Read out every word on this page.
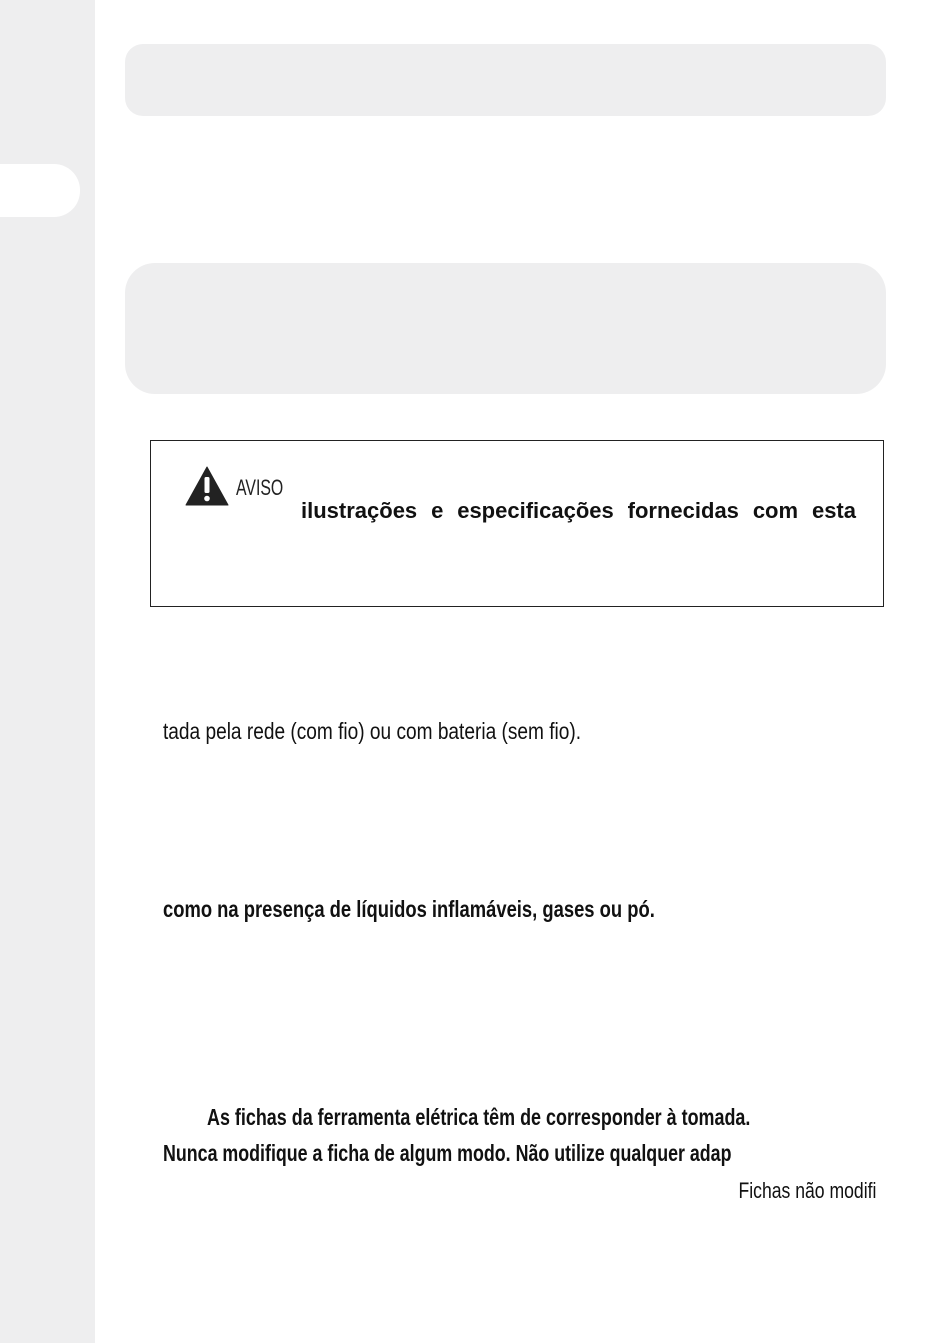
AVISO
ilustrações e especificações fornecidas com esta
tada pela rede (com fio) ou com bateria (sem fio).
como na presença de líquidos inflamáveis, gases ou pó.
As fichas da ferramenta elétrica têm de corresponder à tomada.
Nunca modifique a ficha de algum modo. Não utilize qualquer adap
Fichas não modifi
